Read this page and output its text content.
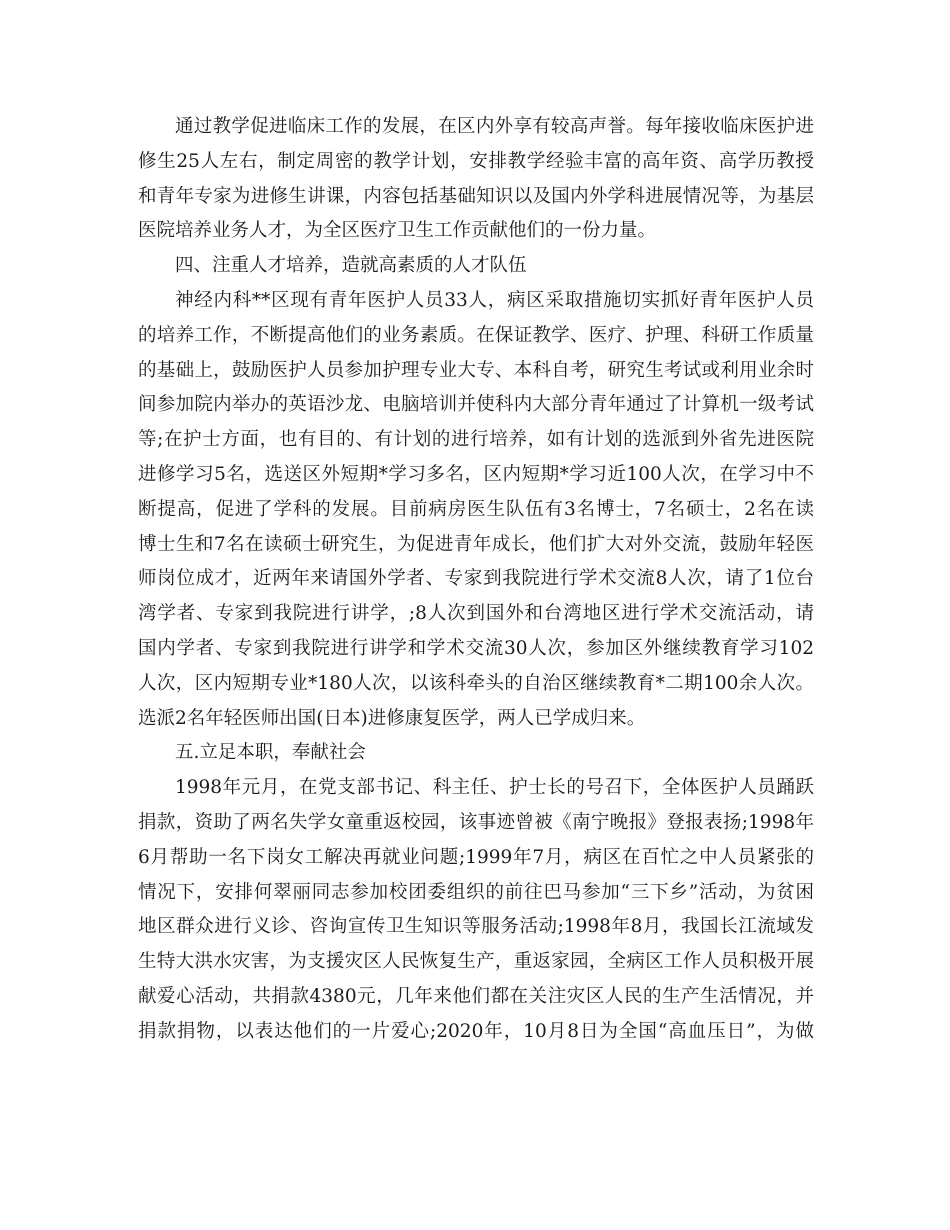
通过教学促进临床工作的发展，在区内外享有较高声誉。每年接收临床医护进
修生25人左右，制定周密的教学计划，安排教学经验丰富的高年资、高学历教授
和青年专家为进修生讲课，内容包括基础知识以及国内外学科进展情况等，为基层
医院培养业务人才，为全区医疗卫生工作贡献他们的一份力量。
四、注重人才培养，造就高素质的人才队伍
神经内科**区现有青年医护人员33人，病区采取措施切实抓好青年医护人员
的培养工作，不断提高他们的业务素质。在保证教学、医疗、护理、科研工作质量
的基础上，鼓励医护人员参加护理专业大专、本科自考，研究生考试或利用业余时
间参加院内举办的英语沙龙、电脑培训并使科内大部分青年通过了计算机一级考试
等;在护士方面，也有目的、有计划的进行培养，如有计划的选派到外省先进医院
进修学习5名，选送区外短期*学习多名，区内短期*学习近100人次，在学习中不
断提高，促进了学科的发展。目前病房医生队伍有3名博士，7名硕士，2名在读
博士生和7名在读硕士研究生，为促进青年成长，他们扩大对外交流，鼓励年轻医
师岗位成才，近两年来请国外学者、专家到我院进行学术交流8人次，请了1位台
湾学者、专家到我院进行讲学，;8人次到国外和台湾地区进行学术交流活动，请
国内学者、专家到我院进行讲学和学术交流30人次，参加区外继续教育学习102
人次，区内短期专业*180人次，以该科牵头的自治区继续教育*二期100余人次。
选派2名年轻医师出国(日本)进修康复医学，两人已学成归来。
五.立足本职，奉献社会
1998年元月，在党支部书记、科主任、护士长的号召下，全体医护人员踊跃
捐款，资助了两名失学女童重返校园，该事迹曾被《南宁晚报》登报表扬;1998年
6月帮助一名下岗女工解决再就业问题;1999年7月，病区在百忙之中人员紧张的
情况下，安排何翠丽同志参加校团委组织的前往巴马参加“三下乡”活动，为贫困
地区群众进行义诊、咨询宣传卫生知识等服务活动;1998年8月，我国长江流域发
生特大洪水灾害，为支援灾区人民恢复生产，重返家园，全病区工作人员积极开展
献爱心活动，共捐款4380元，几年来他们都在关注灾区人民的生产生活情况，并
捐款捐物，以表达他们的一片爱心;2020年，10月8日为全国“高血压日”，为做
